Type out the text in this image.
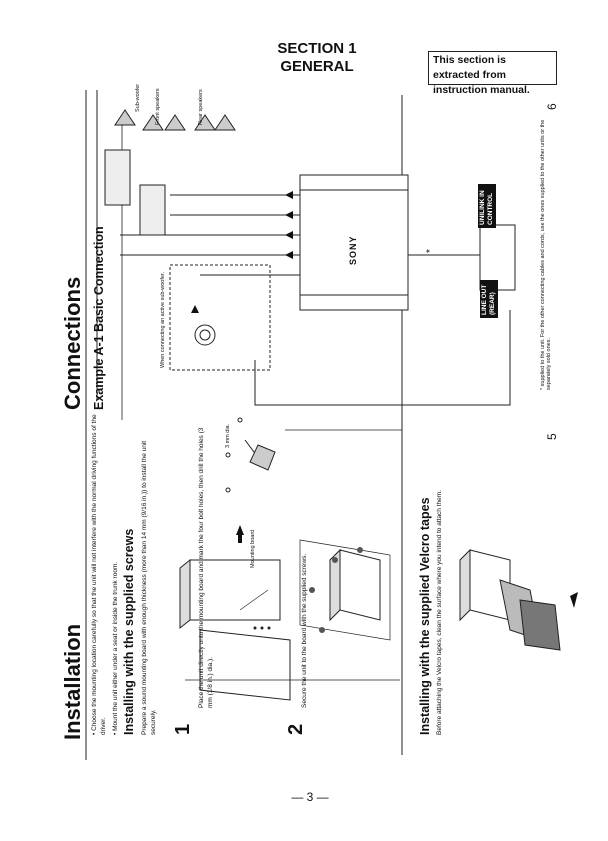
SECTION 1
GENERAL	This section is extracted from instruction manual.
Installation • Choose the mounting location carefully so that the unit will not interfere with the normal driving functions of the driver. • Mount the unit either under a seat or inside the trunk room. Installing with the supplied screws Prepare a sound mounting board with enough thickness (more than 14 mm (9/16 in.)) to install the unit securely. 1
Place the unit directly onto the mounting board and mark the four bolt holes, then drill the holes (3 mm (1/8 in.) dia.).
Mounting board
3 mm dia.
2
Secure the unit to the board with the supplied screws.	Installing with the supplied Velcro tapes Before attaching the Velcro tapes, clean the surface where you intend to attach them.
5
Connections Example A-1 Basic Connection	When connecting an active sub-woofer.
Sub-woofer	Front speakers	Rear speakers
SONY
UNILINK IN CONTROL
LINE OUT (REAR)
*	* supplied to the unit. For the other connecting cables and cords, use the ones supplied to the other units or the separately sold ones.
6
— 3 —
